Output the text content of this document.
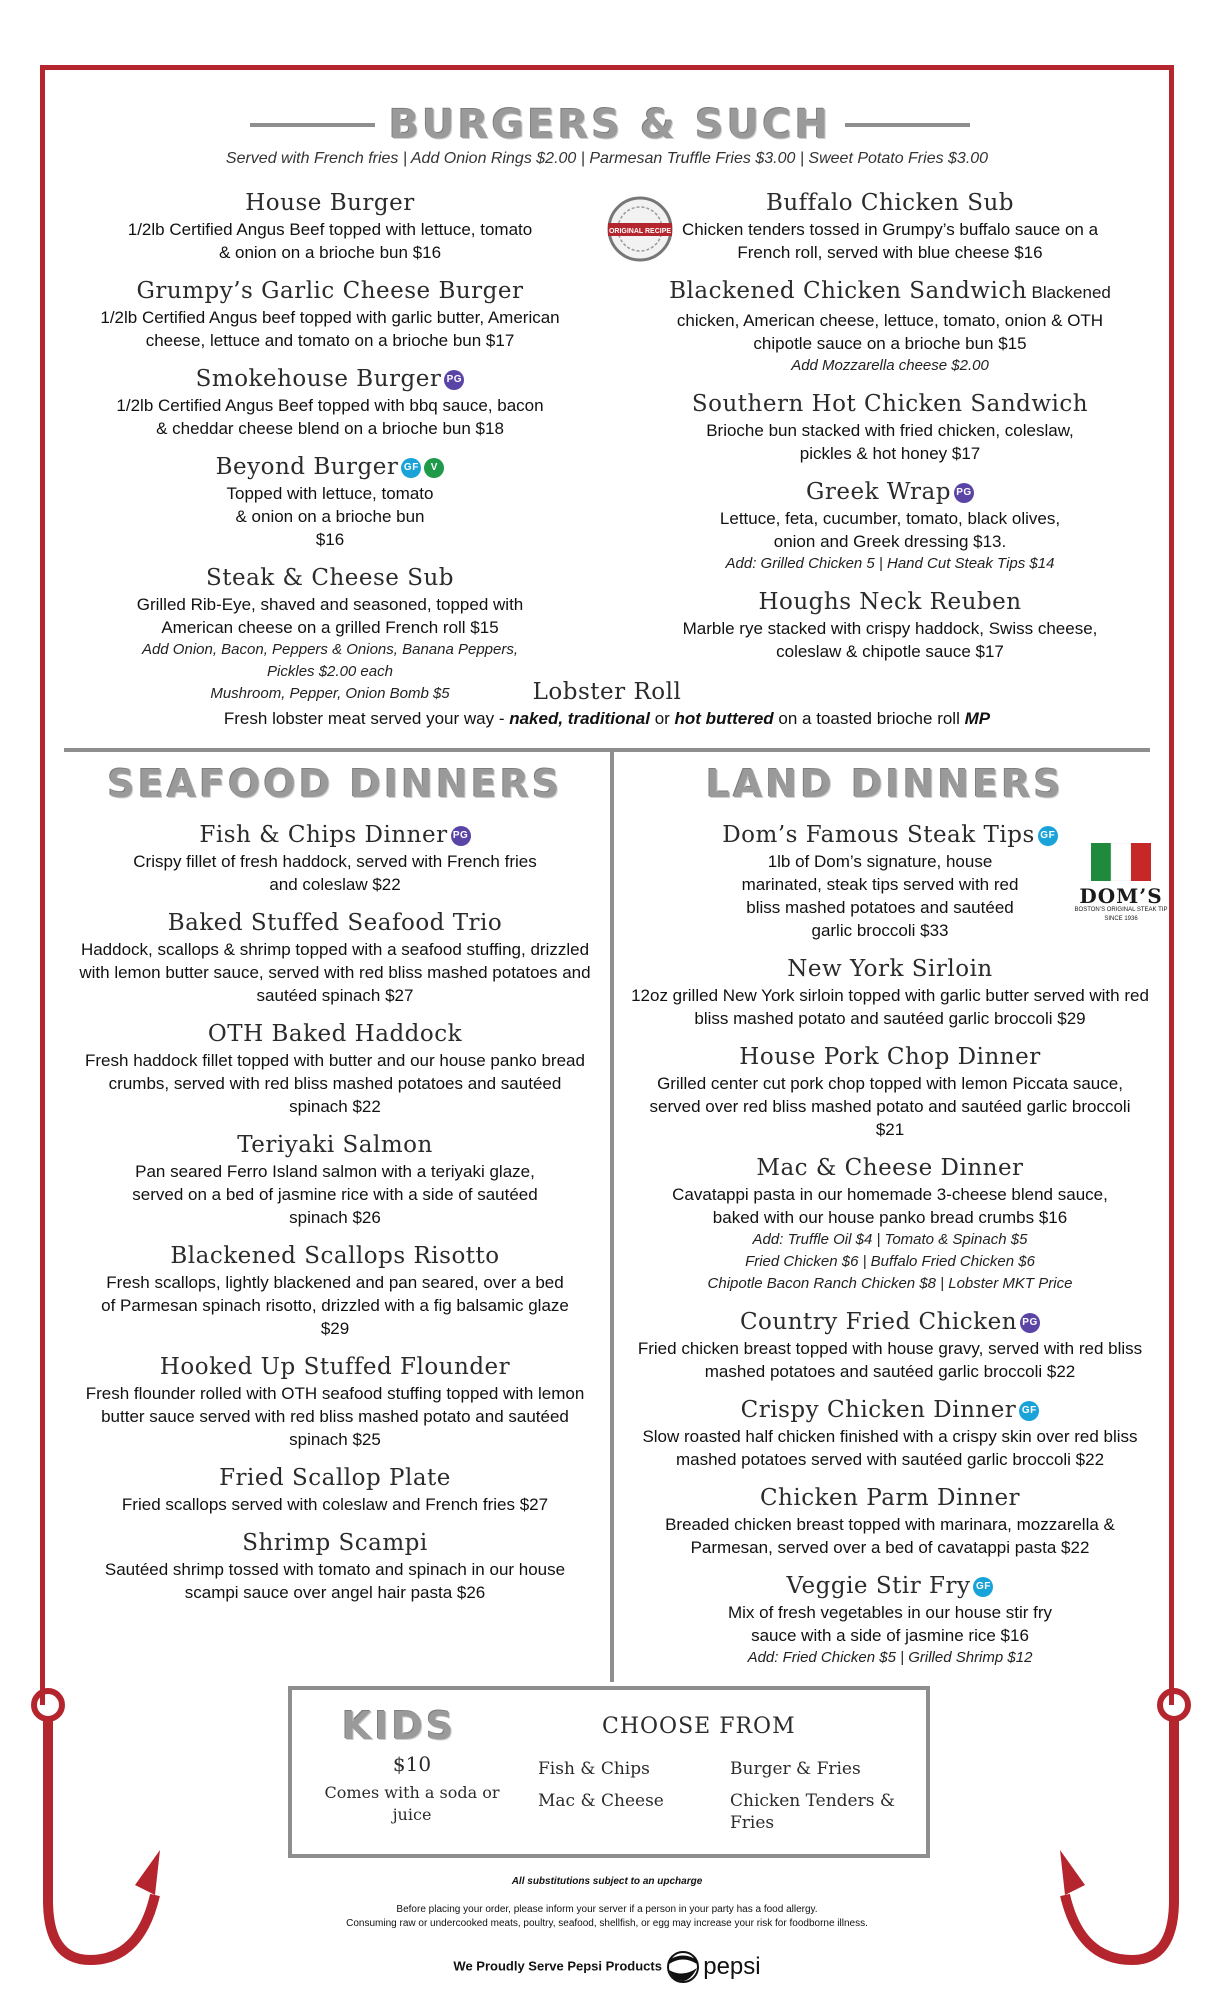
BURGERS & SUCH
Served with French fries | Add Onion Rings $2.00 | Parmesan Truffle Fries $3.00 | Sweet Potato Fries $3.00
House Burger
1/2lb Certified Angus Beef topped with lettuce, tomato & onion on a brioche bun $16
Grumpy’s Garlic Cheese Burger
1/2lb Certified Angus beef topped with garlic butter, American cheese, lettuce and tomato on a brioche bun $17
Smokehouse Burger PG
1/2lb Certified Angus Beef topped with bbq sauce, bacon & cheddar cheese blend on a brioche bun $18
Beyond Burger GF V
Topped with lettuce, tomato & onion on a brioche bun $16
Steak & Cheese Sub
Grilled Rib-Eye, shaved and seasoned, topped with American cheese on a grilled French roll $15
Add Onion, Bacon, Peppers & Onions, Banana Peppers, Pickles $2.00 each
Mushroom, Pepper, Onion Bomb $5
ORIGINAL RECIPE
Buffalo Chicken Sub
Chicken tenders tossed in Grumpy’s buffalo sauce on a French roll, served with blue cheese $16
Blackened Chicken Sandwich Blackened
chicken, American cheese, lettuce, tomato, onion & OTH chipotle sauce on a brioche bun $15
Add Mozzarella cheese $2.00
Southern Hot Chicken Sandwich
Brioche bun stacked with fried chicken, coleslaw, pickles & hot honey $17
Greek Wrap PG
Lettuce, feta, cucumber, tomato, black olives, onion and Greek dressing $13.
Add: Grilled Chicken 5 | Hand Cut Steak Tips $14
Houghs Neck Reuben
Marble rye stacked with crispy haddock, Swiss cheese, coleslaw & chipotle sauce $17
Lobster Roll
Fresh lobster meat served your way - naked, traditional or hot buttered on a toasted brioche roll MP
SEAFOOD DINNERS
Fish & Chips Dinner PG
Crispy fillet of fresh haddock, served with French fries and coleslaw $22
Baked Stuffed Seafood Trio
Haddock, scallops & shrimp topped with a seafood stuffing, drizzled with lemon butter sauce, served with red bliss mashed potatoes and sautéed spinach $27
OTH Baked Haddock
Fresh haddock fillet topped with butter and our house panko bread crumbs, served with red bliss mashed potatoes and sautéed spinach $22
Teriyaki Salmon
Pan seared Ferro Island salmon with a teriyaki glaze, served on a bed of jasmine rice with a side of sautéed spinach $26
Blackened Scallops Risotto
Fresh scallops, lightly blackened and pan seared, over a bed of Parmesan spinach risotto, drizzled with a fig balsamic glaze $29
Hooked Up Stuffed Flounder
Fresh flounder rolled with OTH seafood stuffing topped with lemon butter sauce served with red bliss mashed potato and sautéed spinach $25
Fried Scallop Plate
Fried scallops served with coleslaw and French fries $27
Shrimp Scampi
Sautéed shrimp tossed with tomato and spinach in our house scampi sauce over angel hair pasta $26
LAND DINNERS
DOM’S
BOSTON’S ORIGINAL STEAK TIP
SINCE 1936
Dom’s Famous Steak Tips GF
1lb of Dom’s signature, house marinated, steak tips served with red bliss mashed potatoes and sautéed garlic broccoli $33
New York Sirloin
12oz grilled New York sirloin topped with garlic butter served with red bliss mashed potato and sautéed garlic broccoli $29
House Pork Chop Dinner
Grilled center cut pork chop topped with lemon Piccata sauce, served over red bliss mashed potato and sautéed garlic broccoli $21
Mac & Cheese Dinner
Cavatappi pasta in our homemade 3-cheese blend sauce, baked with our house panko bread crumbs $16
Add: Truffle Oil $4 | Tomato & Spinach $5
Fried Chicken $6 | Buffalo Fried Chicken $6
Chipotle Bacon Ranch Chicken $8 | Lobster MKT Price
Country Fried Chicken PG
Fried chicken breast topped with house gravy, served with red bliss mashed potatoes and sautéed garlic broccoli $22
Crispy Chicken Dinner GF
Slow roasted half chicken finished with a crispy skin over red bliss mashed potatoes served with sautéed garlic broccoli $22
Chicken Parm Dinner
Breaded chicken breast topped with marinara, mozzarella & Parmesan, served over a bed of cavatappi pasta $22
Veggie Stir Fry GF
Mix of fresh vegetables in our house stir fry sauce with a side of jasmine rice $16
Add: Fried Chicken $5 | Grilled Shrimp $12
KIDS
$10
Comes with a soda or juice
CHOOSE FROM
Fish & Chips
Mac & Cheese
Burger & Fries
Chicken Tenders & Fries
All substitutions subject to an upcharge
Before placing your order, please inform your server if a person in your party has a food allergy.
Consuming raw or undercooked meats, poultry, seafood, shellfish, or egg may increase your risk for foodborne illness.
We Proudly Serve Pepsi Products pepsi
